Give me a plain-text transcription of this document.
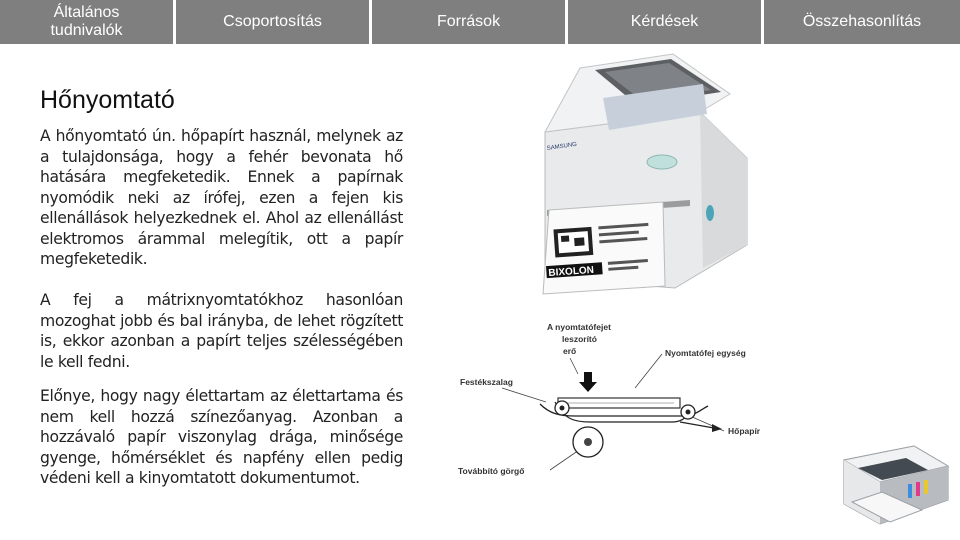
Általános
tudnivalók
Csoportosítás	Források	Kérdések	Összehasonlítás
Hőnyomtató
A hőnyomtató ún. hőpapírt használ, melynek az a tulajdonsága, hogy a fehér bevonata hő hatására megfeketedik. Ennek a papírnak nyomódik neki az írófej, ezen a fejen kis ellenállások helyezkednek el. Ahol az ellenállást elektromos árammal melegítik, ott a papír megfeketedik.
A fej a mátrixnyomtatókhoz hasonlóan mozoghat jobb és bal irányba, de lehet rögzített is, ekkor azonban a papírt teljes szélességében le kell fedni.
Előnye, hogy nagy élettartam az élettartama és nem kell hozzá színezőanyag. Azonban a hozzávaló papír viszonylag drága, minősége gyenge, hőmérséklet és napfény ellen pedig védeni kell a kinyomtatott dokumentumot.
SAMSUNG
BIXOLON
A nyomtatófejet
leszorító
erő	Nyomtatófej egység
Festékszalag
Hőpapír
Továbbító görgő
